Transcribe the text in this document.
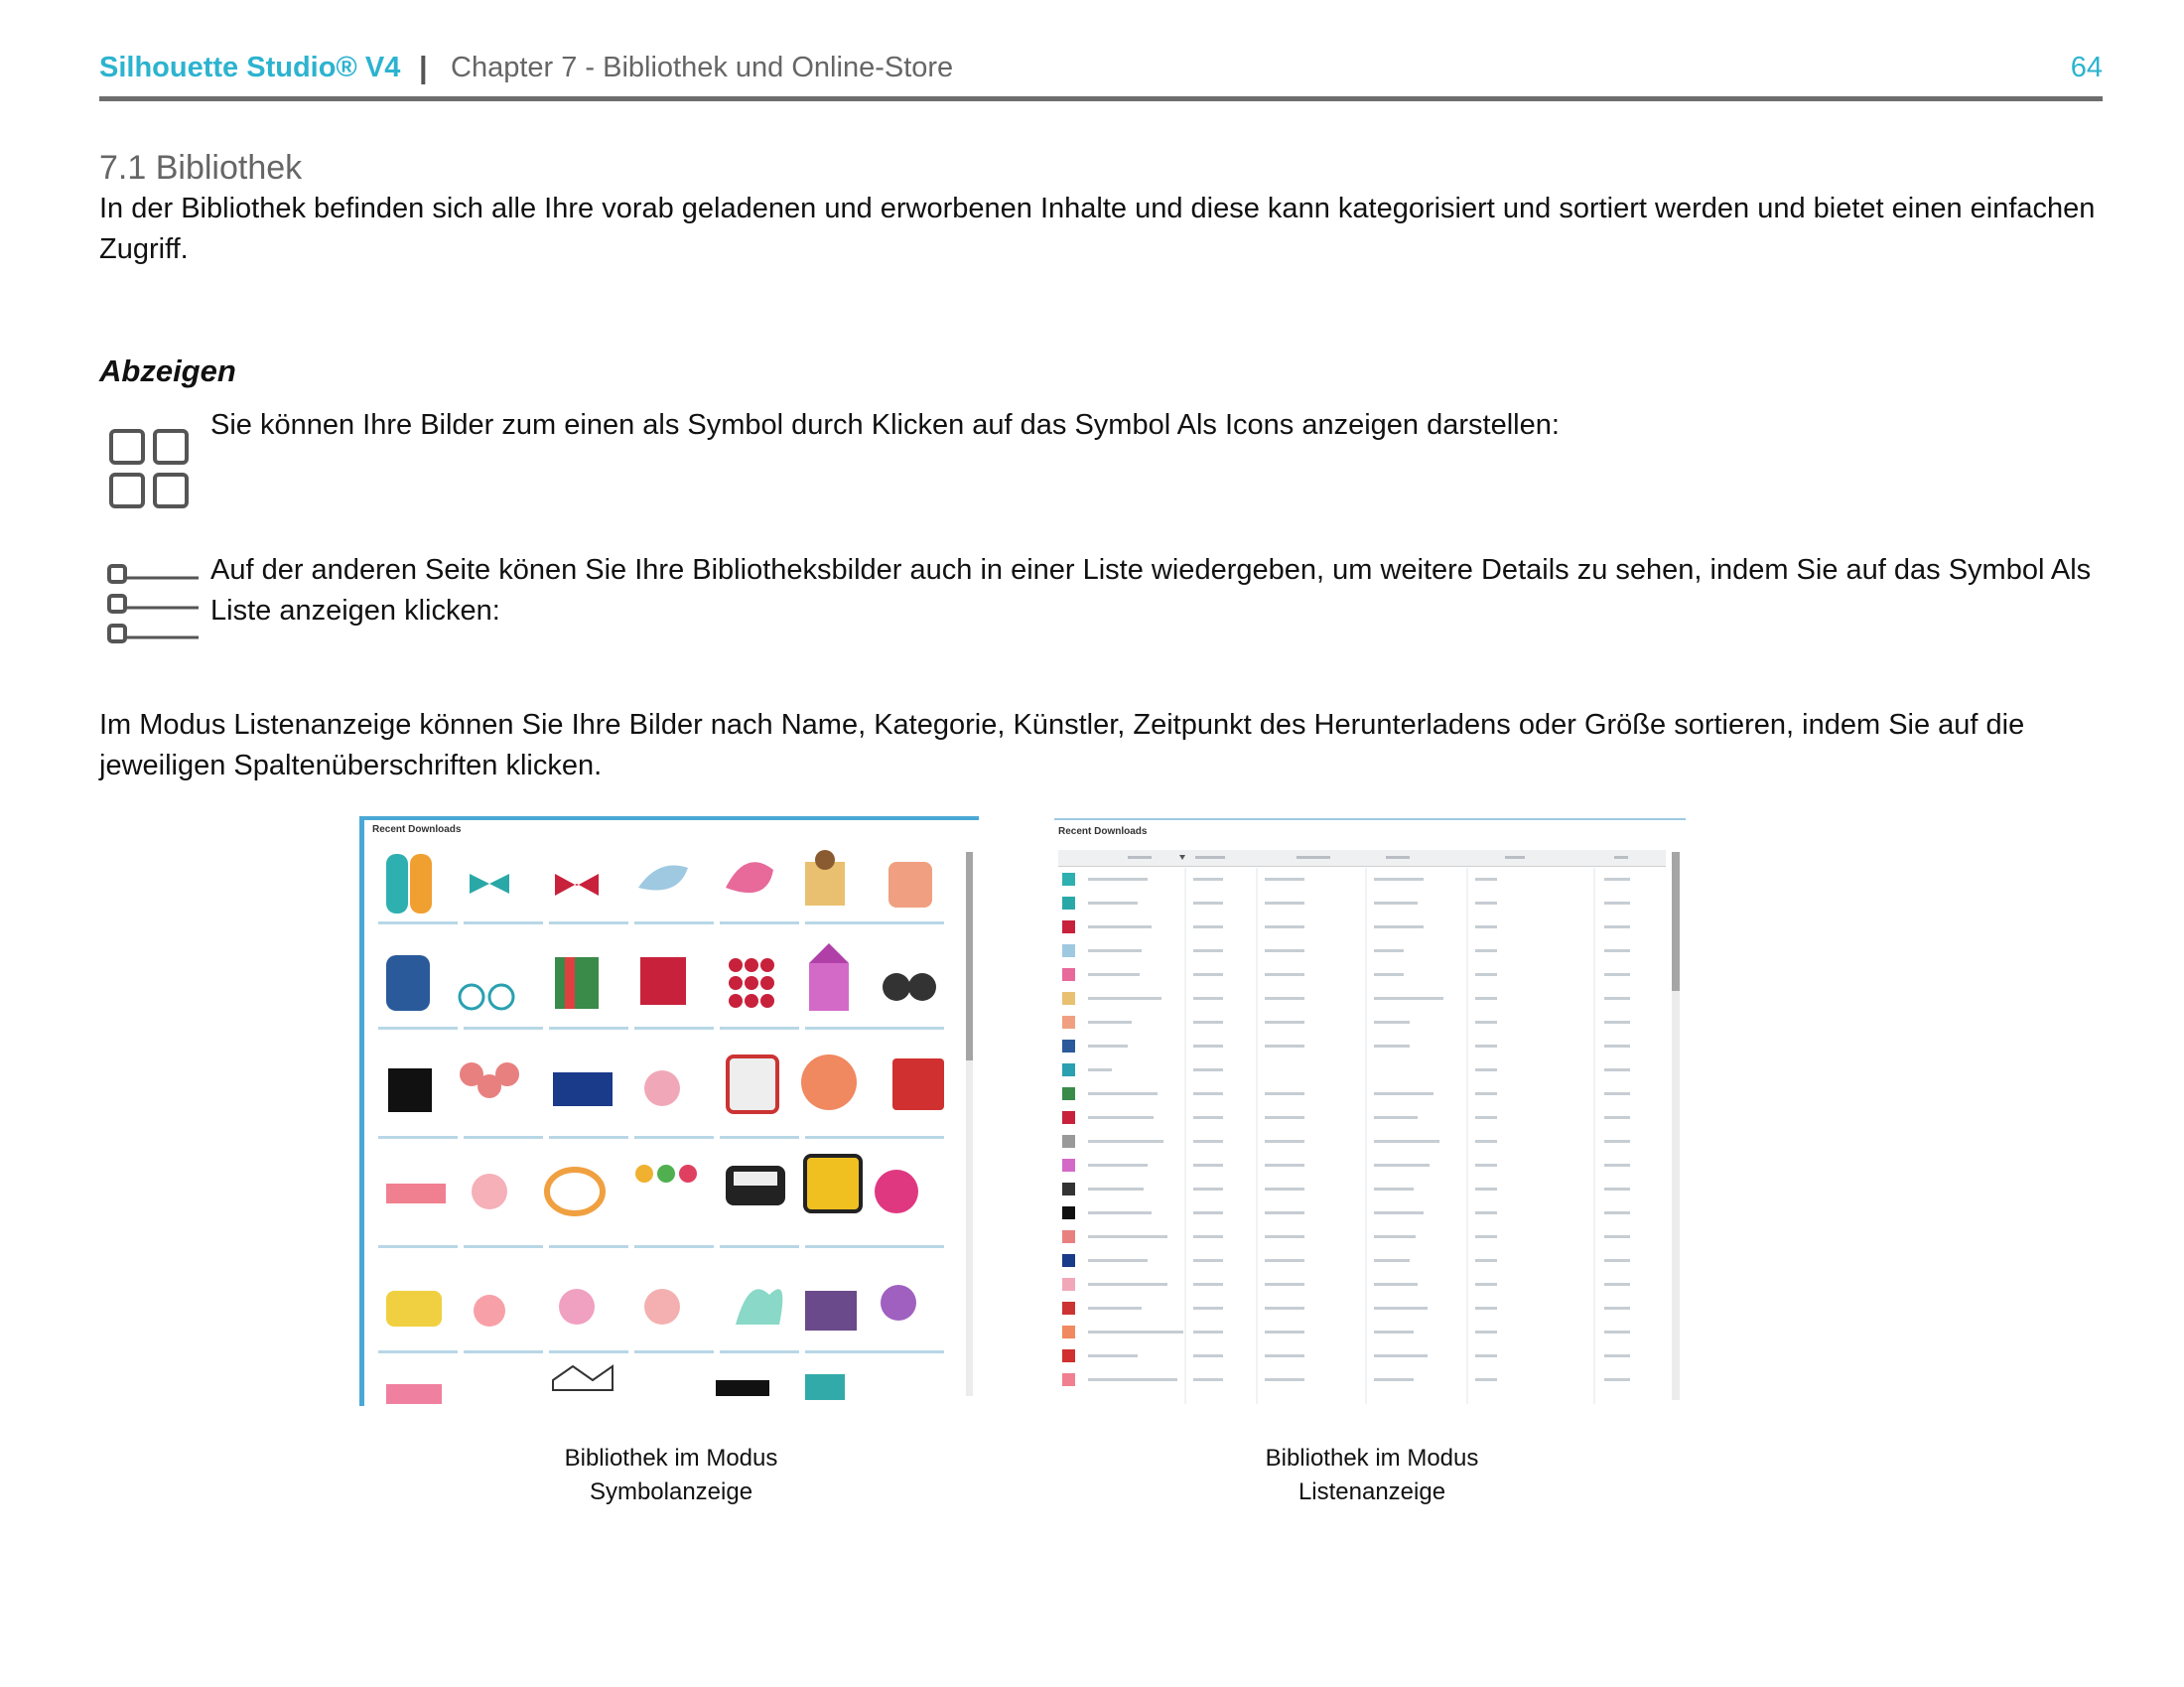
Silhouette Studio® V4 | Chapter 7 - Bibliothek und Online-Store	64
7.1 Bibliothek
In der Bibliothek befinden sich alle Ihre vorab geladenen und erworbenen Inhalte und diese kann kategorisiert und sortiert werden und bietet einen einfachen Zugriff.
Abzeigen
Sie können Ihre Bilder zum einen als Symbol durch Klicken auf das Symbol Als Icons anzeigen darstellen:
Auf der anderen Seite könen Sie Ihre Bibliotheksbilder auch in einer Liste wiedergeben, um weitere Details zu sehen, indem Sie auf das Symbol Als Liste anzeigen klicken:
Im Modus Listenanzeige können Sie Ihre Bilder nach Name, Kategorie, Künstler, Zeitpunkt des Herunterladens oder Größe sortieren, indem Sie auf die jeweiligen Spaltenüberschriften klicken.
Recent Downloads	Recent Downloads
Bibliothek im Modus
Symbolanzeige
Bibliothek im Modus
Listenanzeige
